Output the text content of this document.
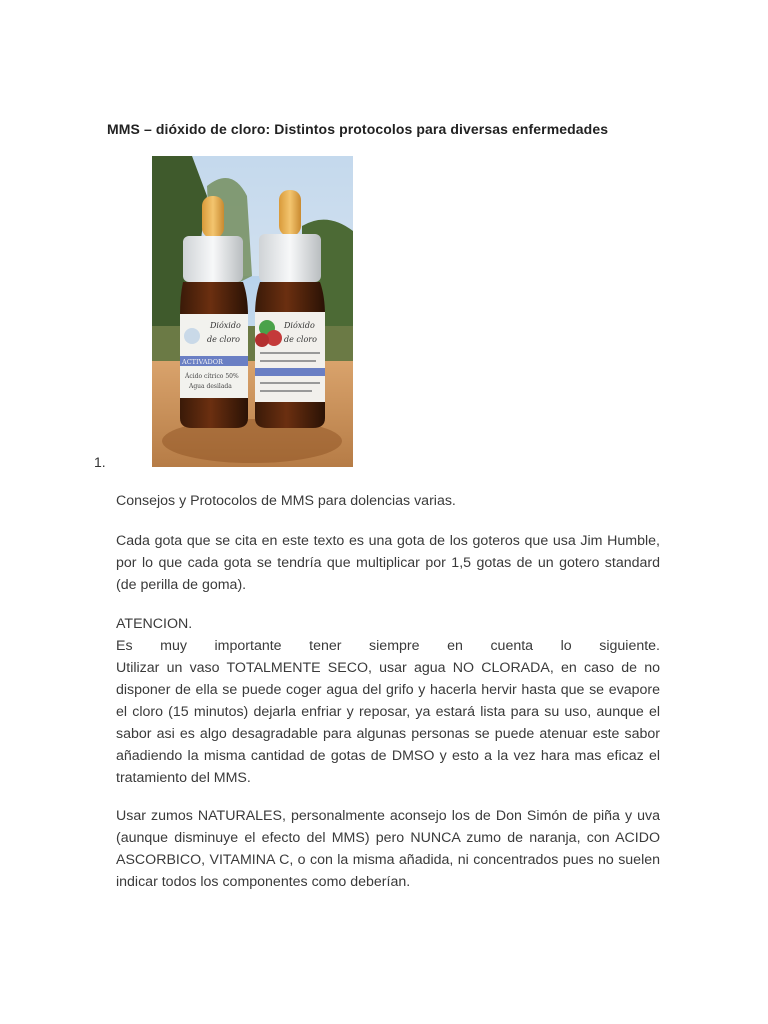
MMS – dióxido de cloro: Distintos protocolos para diversas enfermedades
1.
Dióxido
de cloro
ACTIVADOR
Ácido cítrico 50%
Agua desilada
Dióxido
de cloro

Consejos y Protocolos de MMS para dolencias varias.

Cada gota que se cita en este texto es una gota de los goteros que usa Jim Humble, por lo que cada gota se tendría que multiplicar por 1,5 gotas de un gotero standard (de perilla de goma).

ATENCION.
Es muy importante tener siempre en cuenta lo siguiente.
Utilizar un vaso TOTALMENTE SECO, usar agua NO CLORADA, en caso de no disponer de ella se puede coger agua del grifo y hacerla hervir hasta que se evapore el cloro (15 minutos) dejarla enfriar y reposar, ya estará lista para su uso, aunque el sabor asi es algo desagradable para algunas personas se puede atenuar este sabor añadiendo la misma cantidad de gotas de DMSO y esto a la vez hara mas eficaz el tratamiento del MMS.

Usar zumos NATURALES, personalmente aconsejo los de Don Simón de piña y uva (aunque disminuye el efecto del MMS) pero NUNCA zumo de naranja, con ACIDO ASCORBICO, VITAMINA C, o con la misma añadida, ni concentrados pues no suelen indicar todos los componentes como deberían.
